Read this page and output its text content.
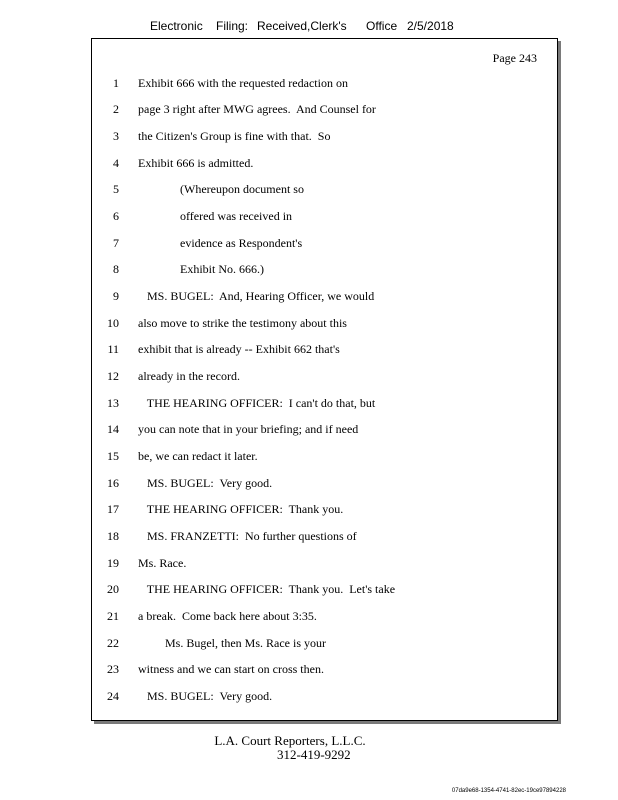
Electronic Filing: Received,Clerk's Office 2/5/2018
Page 243
1 Exhibit 666 with the requested redaction on
2 page 3 right after MWG agrees.  And Counsel for
3 the Citizen's Group is fine with that.  So
4 Exhibit 666 is admitted.
5 (Whereupon document so
6 offered was received in
7 evidence as Respondent's
8 Exhibit No. 666.)
9 MS. BUGEL:  And, Hearing Officer, we would
10 also move to strike the testimony about this
11 exhibit that is already -- Exhibit 662 that's
12 already in the record.
13 THE HEARING OFFICER:  I can't do that, but
14 you can note that in your briefing; and if need
15 be, we can redact it later.
16 MS. BUGEL:  Very good.
17 THE HEARING OFFICER:  Thank you.
18 MS. FRANZETTI:  No further questions of
19 Ms. Race.
20 THE HEARING OFFICER:  Thank you.  Let's take
21 a break.  Come back here about 3:35.
22 Ms. Bugel, then Ms. Race is your
23 witness and we can start on cross then.
24 MS. BUGEL:  Very good.
L.A. Court Reporters, L.L.C.
312-419-9292
07da9e68-1354-4741-82ec-19ce97894228
